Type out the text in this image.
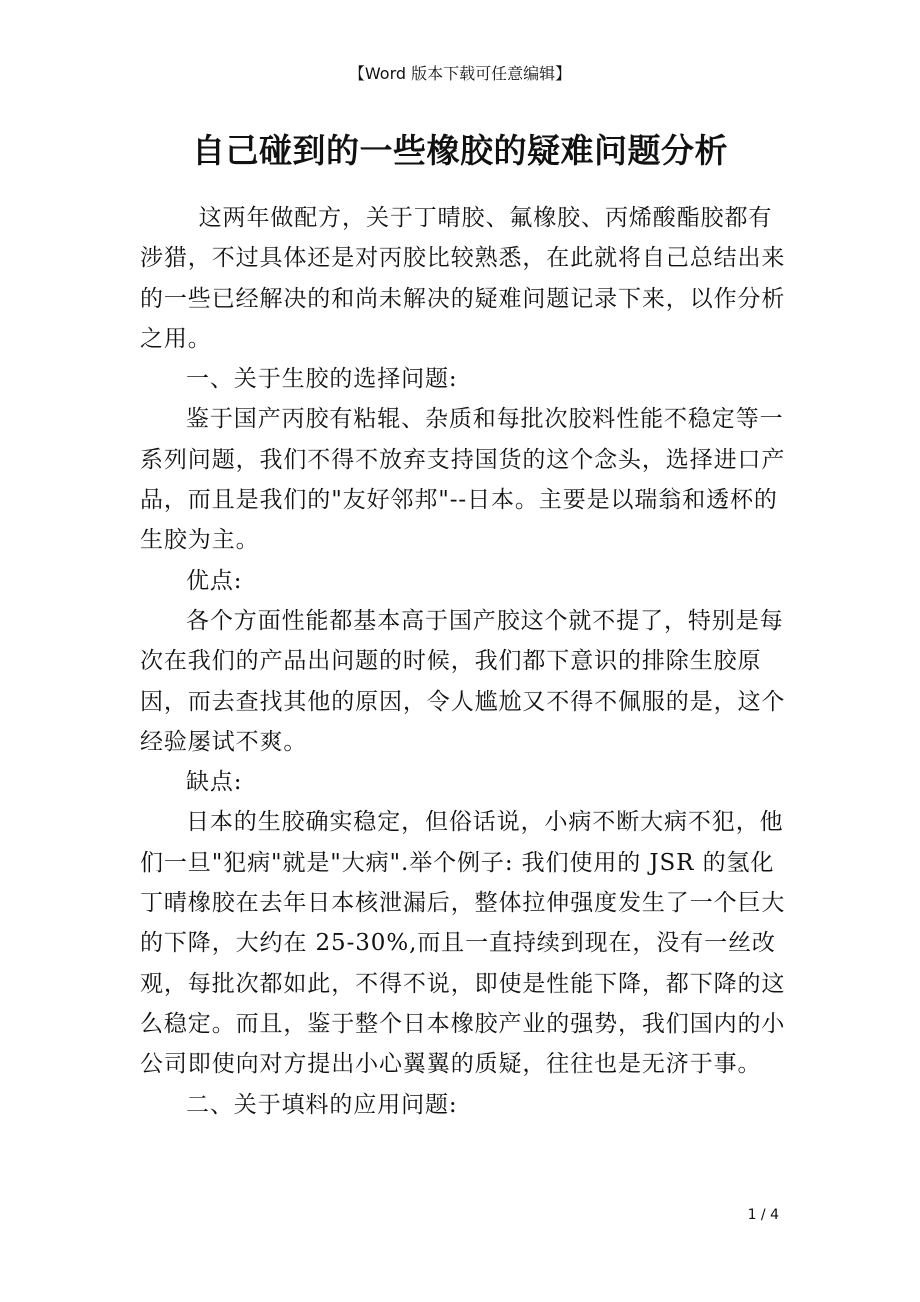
【Word 版本下载可任意编辑】
自己碰到的一些橡胶的疑难问题分析

这两年做配方，关于丁晴胶、氟橡胶、丙烯酸酯胶都有涉猎，不过具体还是对丙胶比较熟悉，在此就将自己总结出来的一些已经解决的和尚未解决的疑难问题记录下来，以作分析之用。

一、关于生胶的选择问题:

鉴于国产丙胶有粘辊、杂质和每批次胶料性能不稳定等一系列问题，我们不得不放弃支持国货的这个念头，选择进口产品，而且是我们的"友好邻邦"--日本。主要是以瑞翁和透杯的生胶为主。

优点:

各个方面性能都基本高于国产胶这个就不提了，特别是每次在我们的产品出问题的时候，我们都下意识的排除生胶原因，而去查找其他的原因，令人尴尬又不得不佩服的是，这个经验屡试不爽。

缺点:

日本的生胶确实稳定，但俗话说，小病不断大病不犯，他们一旦"犯病"就是"大病".举个例子: 我们使用的 JSR 的氢化丁晴橡胶在去年日本核泄漏后，整体拉伸强度发生了一个巨大的下降，大约在 25-30%,而且一直持续到现在，没有一丝改观，每批次都如此，不得不说，即使是性能下降，都下降的这么稳定。而且，鉴于整个日本橡胶产业的强势，我们国内的小公司即使向对方提出小心翼翼的质疑，往往也是无济于事。

二、关于填料的应用问题:

1 / 4
